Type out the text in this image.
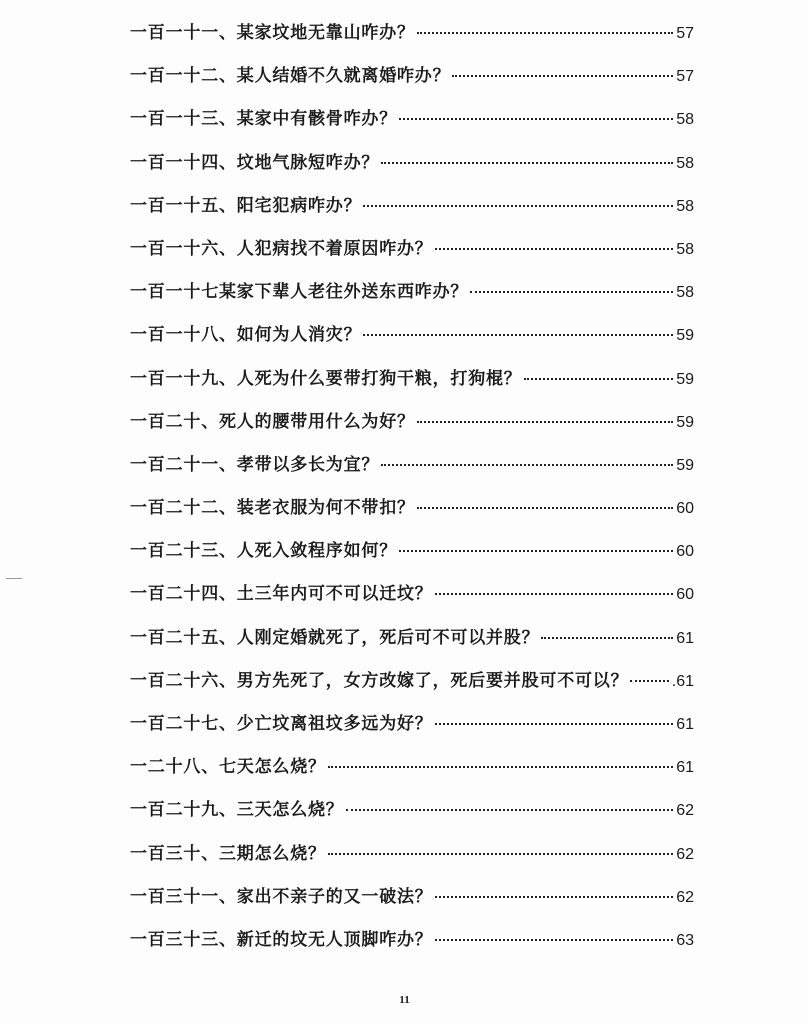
一百一十一、某家坟地无靠山咋办？	57
一百一十二、某人结婚不久就离婚咋办？	57
一百一十三、某家中有骸骨咋办？	58
一百一十四、坟地气脉短咋办？	58
一百一十五、阳宅犯病咋办？	58
一百一十六、人犯病找不着原因咋办？	58
一百一十七某家下辈人老往外送东西咋办？	58
一百一十八、如何为人消灾？	59
一百一十九、人死为什么要带打狗干粮，打狗棍？	59
一百二十、死人的腰带用什么为好？	59
一百二十一、孝带以多长为宜？	59
一百二十二、装老衣服为何不带扣？	60
一百二十三、人死入敛程序如何？	60
一百二十四、土三年内可不可以迁坟？	60
一百二十五、人刚定婚就死了，死后可不可以并股？	61
一百二十六、男方先死了，女方改嫁了，死后要并股可不可以？	.61
一百二十七、少亡坟离祖坟多远为好？	61
一二十八、七天怎么烧？	61
一百二十九、三天怎么烧？	62
一百三十、三期怎么烧？	62
一百三十一、家出不亲子的又一破法？	62
一百三十三、新迁的坟无人顶脚咋办？	63
11
